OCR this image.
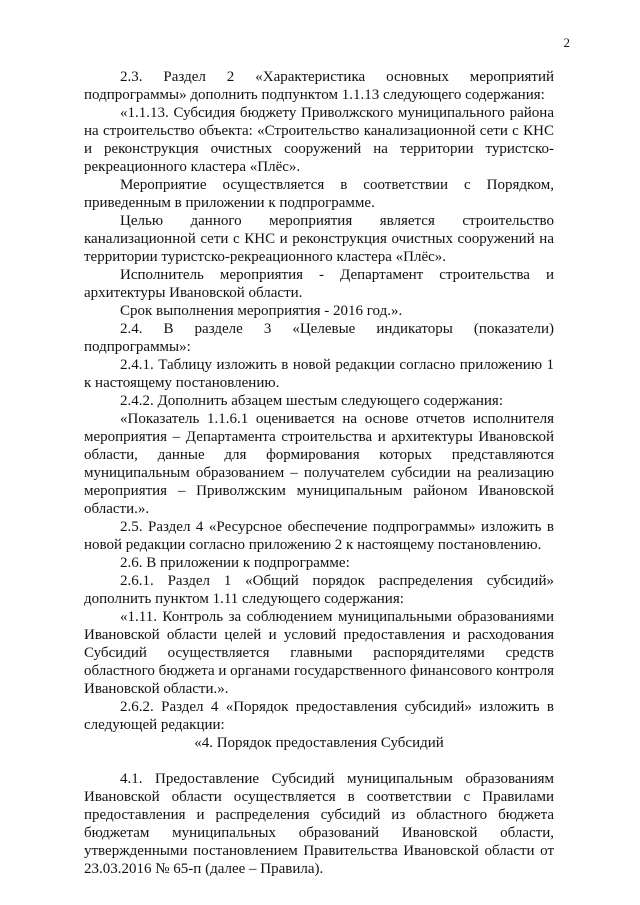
2

2.3. Раздел 2 «Характеристика основных мероприятий подпрограммы» дополнить подпунктом 1.1.13 следующего содержания:

«1.1.13. Субсидия бюджету Приволжского муниципального района на строительство объекта: «Строительство канализационной сети с КНС и реконструкция очистных сооружений на территории туристско-рекреационного кластера «Плёс».

Мероприятие осуществляется в соответствии с Порядком, приведенным в приложении к подпрограмме.

Целью данного мероприятия является строительство канализационной сети с КНС и реконструкция очистных сооружений на территории туристско-рекреационного кластера «Плёс».

Исполнитель мероприятия - Департамент строительства и архитектуры Ивановской области.

Срок выполнения мероприятия - 2016 год.».

2.4. В разделе 3 «Целевые индикаторы (показатели) подпрограммы»:

2.4.1. Таблицу изложить в новой редакции согласно приложению 1 к настоящему постановлению.

2.4.2. Дополнить абзацем шестым следующего содержания:

«Показатель 1.1.6.1 оценивается на основе отчетов исполнителя мероприятия – Департамента строительства и архитектуры Ивановской области, данные для формирования которых представляются муниципальным образованием – получателем субсидии на реализацию мероприятия – Приволжским муниципальным районом Ивановской области.».

2.5. Раздел 4 «Ресурсное обеспечение подпрограммы» изложить в новой редакции согласно приложению 2 к настоящему постановлению.

2.6. В приложении к подпрограмме:

2.6.1. Раздел 1 «Общий порядок распределения субсидий» дополнить пунктом 1.11 следующего содержания:

«1.11. Контроль за соблюдением муниципальными образованиями Ивановской области целей и условий предоставления и расходования Субсидий осуществляется главными распорядителями средств областного бюджета и органами государственного финансового контроля Ивановской области.».

2.6.2. Раздел 4 «Порядок предоставления субсидий» изложить в следующей редакции:

«4. Порядок предоставления Субсидий

4.1. Предоставление Субсидий муниципальным образованиям Ивановской области осуществляется в соответствии с Правилами предоставления и распределения субсидий из областного бюджета бюджетам муниципальных образований Ивановской области, утвержденными постановлением Правительства Ивановской области от 23.03.2016 № 65-п (далее – Правила).
